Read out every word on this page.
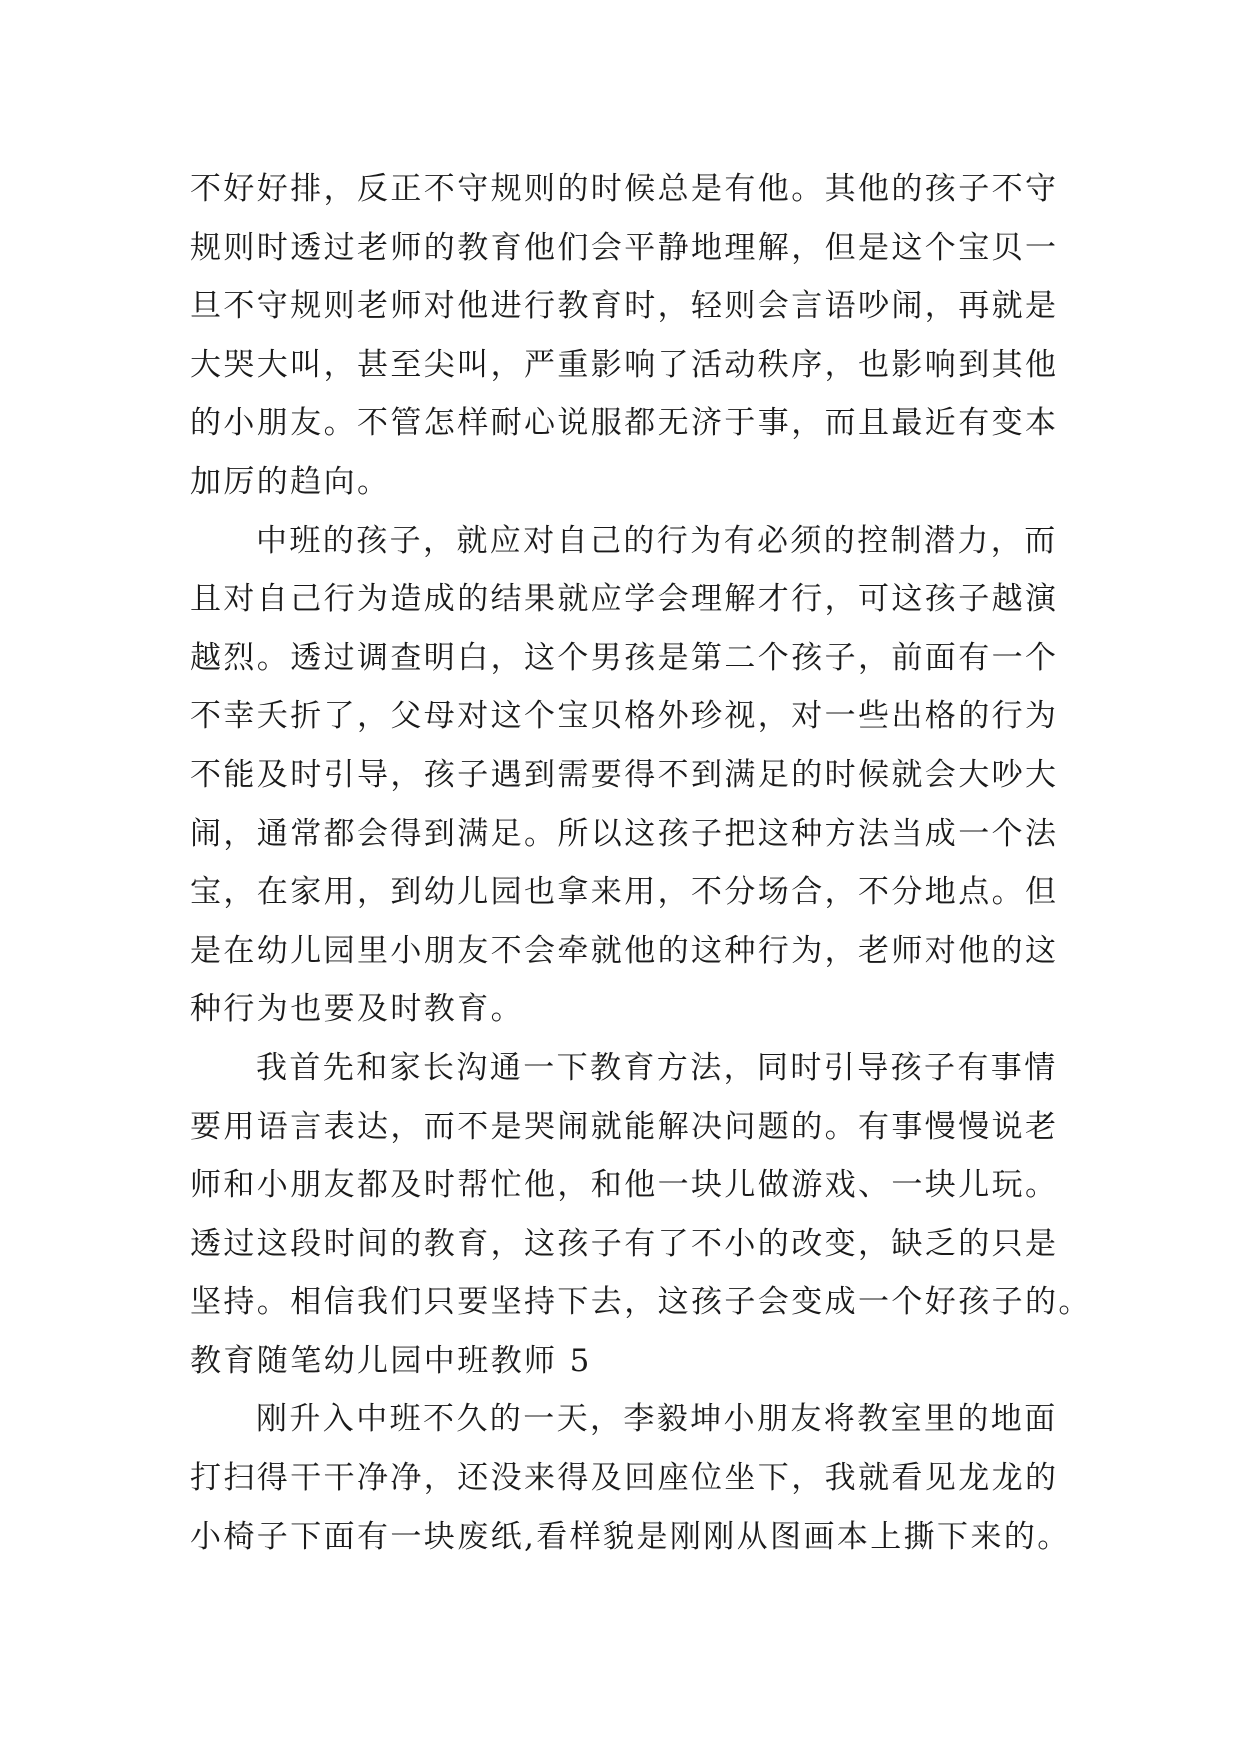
不好好排，反正不守规则的时候总是有他。其他的孩子不守
规则时透过老师的教育他们会平静地理解，但是这个宝贝一
旦不守规则老师对他进行教育时，轻则会言语吵闹，再就是
大哭大叫，甚至尖叫，严重影响了活动秩序，也影响到其他
的小朋友。不管怎样耐心说服都无济于事，而且最近有变本
加厉的趋向。
中班的孩子，就应对自己的行为有必须的控制潜力，而
且对自己行为造成的结果就应学会理解才行，可这孩子越演
越烈。透过调查明白，这个男孩是第二个孩子，前面有一个
不幸夭折了，父母对这个宝贝格外珍视，对一些出格的行为
不能及时引导，孩子遇到需要得不到满足的时候就会大吵大
闹，通常都会得到满足。所以这孩子把这种方法当成一个法
宝，在家用，到幼儿园也拿来用，不分场合，不分地点。但
是在幼儿园里小朋友不会牵就他的这种行为，老师对他的这
种行为也要及时教育。
我首先和家长沟通一下教育方法，同时引导孩子有事情
要用语言表达，而不是哭闹就能解决问题的。有事慢慢说老
师和小朋友都及时帮忙他，和他一块儿做游戏、一块儿玩。
透过这段时间的教育，这孩子有了不小的改变，缺乏的只是
坚持。相信我们只要坚持下去，这孩子会变成一个好孩子的。
教育随笔幼儿园中班教师 5
刚升入中班不久的一天，李毅坤小朋友将教室里的地面
打扫得干干净净，还没来得及回座位坐下，我就看见龙龙的
小椅子下面有一块废纸,看样貌是刚刚从图画本上撕下来的。
